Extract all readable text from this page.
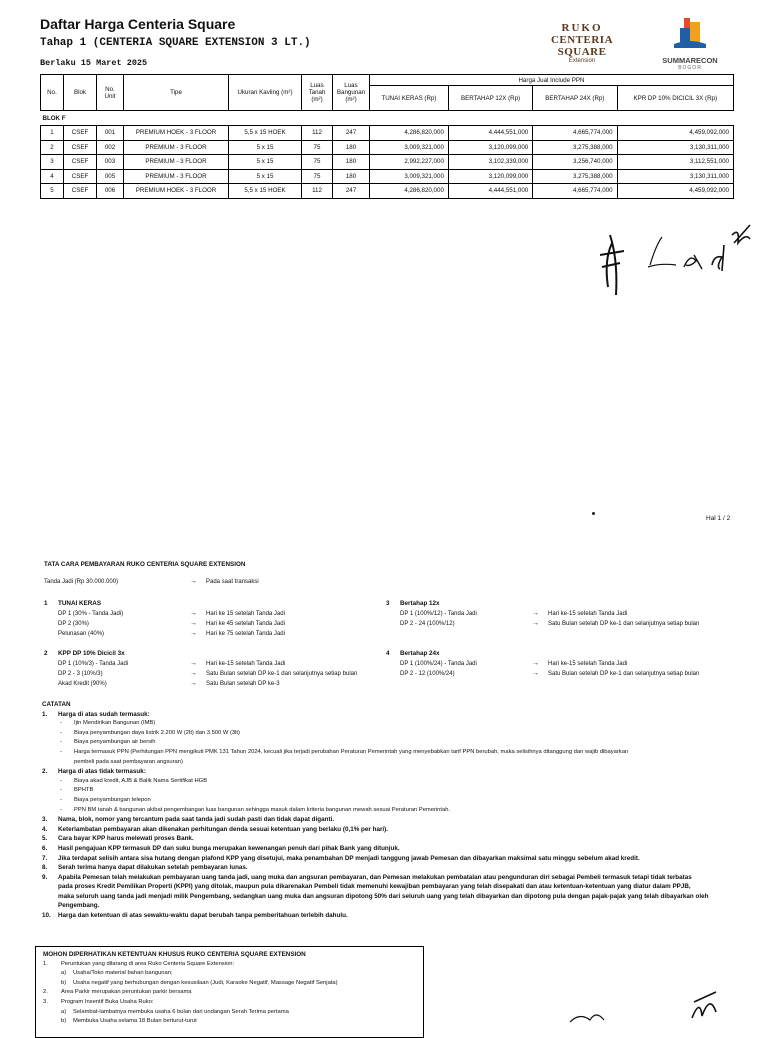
Daftar Harga Centeria Square
Tahap 1 (CENTERIA SQUARE EXTENSION 3 LT.)
Berlaku 15 Maret 2025
RUKO
CENTERIA SQUARE
Extension	SUMMARECON
BOGOR
No.	Blok	No. Unit	Tipe	Ukuran Kavling (m²)	Luas Tanah (m²)	Luas Bangunan (m²)	Harga Jual Include PPN			
							TUNAI KERAS (Rp)	BERTAHAP 12X (Rp)	BERTAHAP 24X (Rp)	KPR DP 10% DICICIL 3X (Rp)
BLOK F										
1	CSEF	001	PREMIUM HOEK - 3 FLOOR	5,5 x 15 HOEK	112	247	4,286,820,000	4,444,551,000	4,665,774,000	4,459,092,000
2	CSEF	002	PREMIUM - 3 FLOOR	5 x 15	75	180	3,009,321,000	3,120,099,000	3,275,388,000	3,130,311,000
3	CSEF	003	PREMIUM - 3 FLOOR	5 x 15	75	180	2,992,227,000	3,102,339,000	3,256,740,000	3,112,551,000
4	CSEF	005	PREMIUM - 3 FLOOR	5 x 15	75	180	3,009,321,000	3,120,099,000	3,275,388,000	3,130,311,000
5	CSEF	006	PREMIUM HOEK - 3 FLOOR	5,5 x 15 HOEK	112	247	4,286,820,000	4,444,551,000	4,665,774,000	4,459,092,000
Hal 1 / 2
TATA CARA PEMBAYARAN RUKO CENTERIA SQUARE EXTENSION
Tanda Jadi (Rp 30.000.000)	→ Pada saat transaksi
1 TUNAI KERAS
DP 1 (30% - Tanda Jadi)	→	Hari ke 15 setelah Tanda Jadi
DP 2 (30%)	→	Hari ke 45 setelah Tanda Jadi
Pelunasan (40%)	→	Hari ke 75 setelah Tanda Jadi
2 KPP DP 10% Dicicil 3x
DP 1 (10%/3) - Tanda Jadi	→	Hari ke-15 setelah Tanda Jadi
DP 2 - 3 (10%/3)	→	Satu Bulan setelah DP ke-1 dan selanjutnya setiap bulan
Akad Kredit (90%)	→	Satu Bulan setelah DP ke-3
3 Bertahap 12x
DP 1 (100%/12) - Tanda Jadi	→	Hari ke-15 setelah Tanda Jadi
DP 2 - 24 (100%/12)	→	Satu Bulan setelah DP ke-1 dan selanjutnya setiap bulan
4 Bertahap 24x
DP 1 (100%/24) - Tanda Jadi	→	Hari ke-15 setelah Tanda Jadi
DP 2 - 12 (100%/24)	→	Satu Bulan setelah DP ke-1 dan selanjutnya setiap bulan
CATATAN
1.	Harga di atas sudah termasuk:
-	Ijin Mendirikan Bangunan (IMB)
-	Biaya penyambungan daya listrik 2.200 W (2lt) dan 3.500 W (3lt)
-	Biaya penyambungan air bersih
-	Harga termasuk PPN (Perhitungan PPN mengikuti PMK 131 Tahun 2024, kecuali jika terjadi perubahan Peraturan Pemerintah yang menyebabkan tarif PPN berubah, maka selisihnya ditanggung dan wajib dibayarkan
pembeli pada saat pembayaran angsuran)
2.	Harga di atas tidak termasuk:
-	Biaya akad kredit, AJB & Balik Nama Sertifikat HGB
-	BPHTB
-	Biaya penyambungan telepon
-	PPN BM tanah & bangunan akibat pengembangan luas bangunan sehingga masuk dalam kriteria bangunan mewah sesuai Peraturan Pemerintah.
3.	Nama, blok, nomor yang tercantum pada saat tanda jadi sudah pasti dan tidak dapat diganti.
4.	Keterlambatan pembayaran akan dikenakan perhitungan denda sesuai ketentuan yang berlaku (0,1% per hari).
5.	Cara bayar KPP harus melewati proses Bank.
6.	Hasil pengajuan KPP termasuk DP dan suku bunga merupakan kewenangan penuh dari pihak Bank yang ditunjuk.
7.	Jika terdapat selisih antara sisa hutang dengan plafond KPP yang disetujui, maka penambahan DP menjadi tanggung jawab Pemesan dan dibayarkan maksimal satu minggu sebelum akad kredit.
8.	Serah terima hanya dapat dilakukan setelah pembayaran lunas.
9.	Apabila Pemesan telah melakukan pembayaran uang tanda jadi, uang muka dan angsuran pembayaran, dan Pemesan melakukan pembatalan atau pengunduran diri sebagai Pembeli termasuk tetapi tidak terbatas
pada proses Kredit Pemilikan Properti (KPPI) yang ditolak, maupun pula dikarenakan Pembeli tidak memenuhi kewajiban pembayaran yang telah disepakati dan atau ketentuan-ketentuan yang diatur dalam PPJB,
maka seluruh uang tanda jadi menjadi milik Pengembang, sedangkan uang muka dan angsuran dipotong 50% dari seluruh uang yang telah dibayarkan dan dipotong pula dengan pajak-pajak yang telah dibayarkan oleh
Pengembang.
10.	Harga dan ketentuan di atas sewaktu-waktu dapat berubah tanpa pemberitahuan terlebih dahulu.
MOHON DIPERHATIKAN KETENTUAN KHUSUS RUKO CENTERIA SQUARE EXTENSION
1.	Peruntukan yang dilarang di area Ruko Centeria Square Extension:
a)	Usaha/Toko material bahan bangunan;
b)	Usaha negatif yang berhubungan dengan kesusilaan (Judi, Karaoke Negatif, Massage Negatif Senjata)
2.	Area Parkir merupakan peruntukan parkir bersama
3.	Program Insentif Buka Usaha Ruko:
a)	Selambat-lambatnya membuka usaha 6 bulan dari undangan Serah Terima pertama
b)	Membuka Usaha selama 18 Bulan berturut-turut
